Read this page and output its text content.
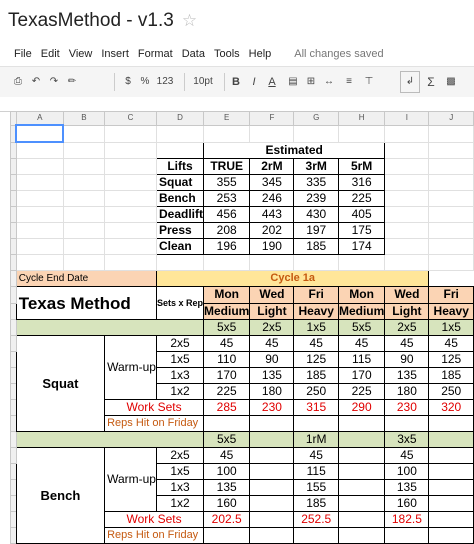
TexasMethod - v1.3 ☆
File Edit View Insert Format Data Tools Help All changes saved
⎙ ↶ ↷ ✏	$ % 123	10pt B	I	A ▤ ⊞ ↔	≡	⊤	↲	Σ	▩
	A	B	C	D	E	F	G	H	I	J

					Estimated					
				Lifts	TRUE	2rM	3rM	5rM		
				Squat	355	345	335	316		
				Bench	253	246	239	225		
				Deadlift	456	443	430	405		
				Press	208	202	197	175		
				Clean	196	190	185	174		

	Cycle End Date			Cycle 1a						
	Texas Method			Sets x Rep	Mon	Wed	Fri	Mon	Wed	Fri
					Medium	Light	Heavy	Medium	Light	Heavy
					5x5	2x5	1x5	5x5	2x5	1x5
	Squat		Warm-up	2x5	45	45	45	45	45	45
				1x5	110	90	125	115	90	125
				1x3	170	135	185	170	135	185
				1x2	225	180	250	225	180	250
			Work Sets		285	230	315	290	230	320
			Reps Hit on Friday							
					5x5		1rM		3x5	
	Bench		Warm-up	2x5	45		45		45	
				1x5	100		115		100	
				1x3	135		155		135	
				1x2	160		185		160	
			Work Sets		202.5		252.5		182.5	
			Reps Hit on Friday							
